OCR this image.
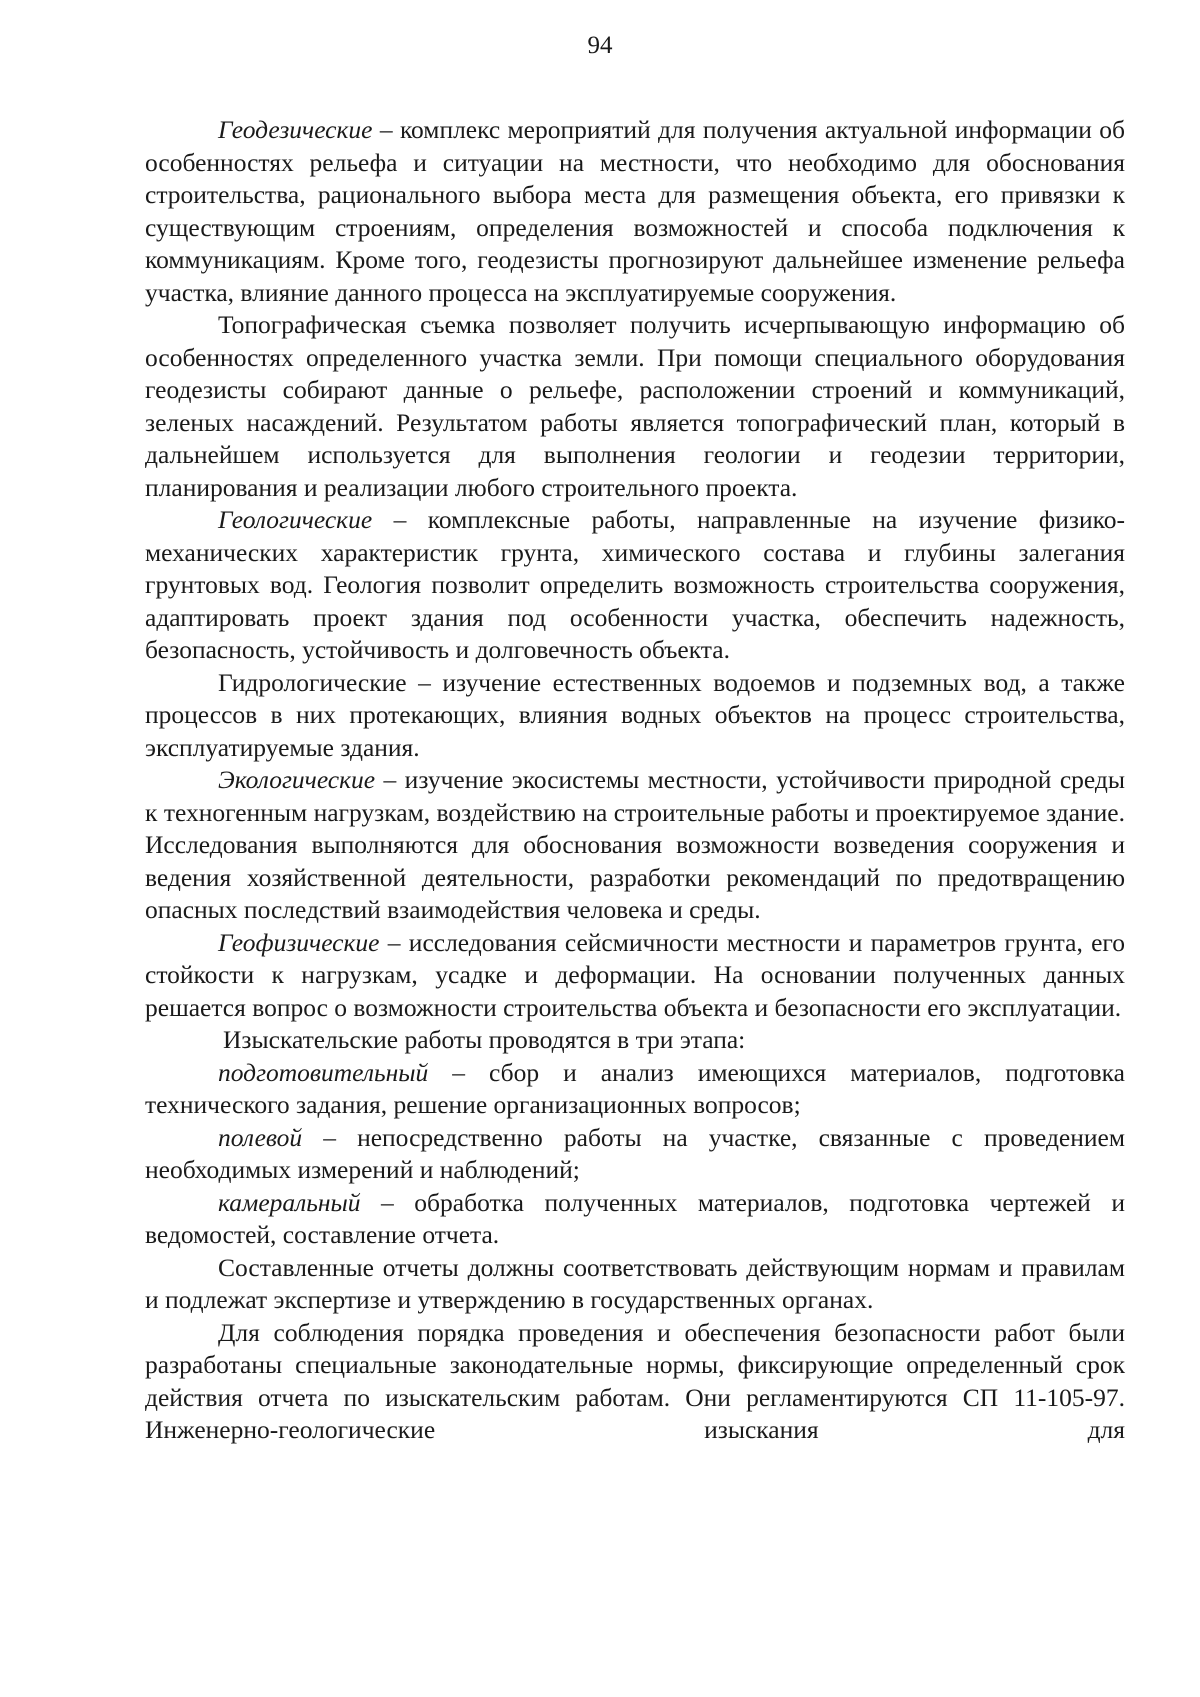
94

Геодезические – комплекс мероприятий для получения актуальной информации об особенностях рельефа и ситуации на местности, что необходимо для обоснования строительства, рационального выбора места для размещения объекта, его привязки к существующим строениям, определения возможностей и способа подключения к коммуникациям. Кроме того, геодезисты прогнозируют дальнейшее изменение рельефа участка, влияние данного процесса на эксплуатируемые сооружения.

Топографическая съемка позволяет получить исчерпывающую информацию об особенностях определенного участка земли. При помощи специального оборудования геодезисты собирают данные о рельефе, расположении строений и коммуникаций, зеленых насаждений. Результатом работы является топографический план, который в дальнейшем используется для выполнения геологии и геодезии территории, планирования и реализации любого строительного проекта.

Геологические – комплексные работы, направленные на изучение физико-механических характеристик грунта, химического состава и глубины залегания грунтовых вод. Геология позволит определить возможность строительства сооружения, адаптировать проект здания под особенности участка, обеспечить надежность, безопасность, устойчивость и долговечность объекта.

Гидрологические – изучение естественных водоемов и подземных вод, а также процессов в них протекающих, влияния водных объектов на процесс строительства, эксплуатируемые здания.

Экологические – изучение экосистемы местности, устойчивости природной среды к техногенным нагрузкам, воздействию на строительные работы и проектируемое здание. Исследования выполняются для обоснования возможности возведения сооружения и ведения хозяйственной деятельности, разработки рекомендаций по предотвращению опасных последствий взаимодействия человека и среды.

Геофизические – исследования сейсмичности местности и параметров грунта, его стойкости к нагрузкам, усадке и деформации. На основании полученных данных решается вопрос о возможности строительства объекта и безопасности его эксплуатации.

Изыскательские работы проводятся в три этапа:

подготовительный – сбор и анализ имеющихся материалов, подготовка технического задания, решение организационных вопросов;

полевой – непосредственно работы на участке, связанные с проведением необходимых измерений и наблюдений;

камеральный – обработка полученных материалов, подготовка чертежей и ведомостей, составление отчета.

Составленные отчеты должны соответствовать действующим нормам и правилам и подлежат экспертизе и утверждению в государственных органах.

Для соблюдения порядка проведения и обеспечения безопасности работ были разработаны специальные законодательные нормы, фиксирующие определенный срок действия отчета по изыскательским работам. Они регламентируются СП 11-105-97. Инженерно-геологические изыскания для
